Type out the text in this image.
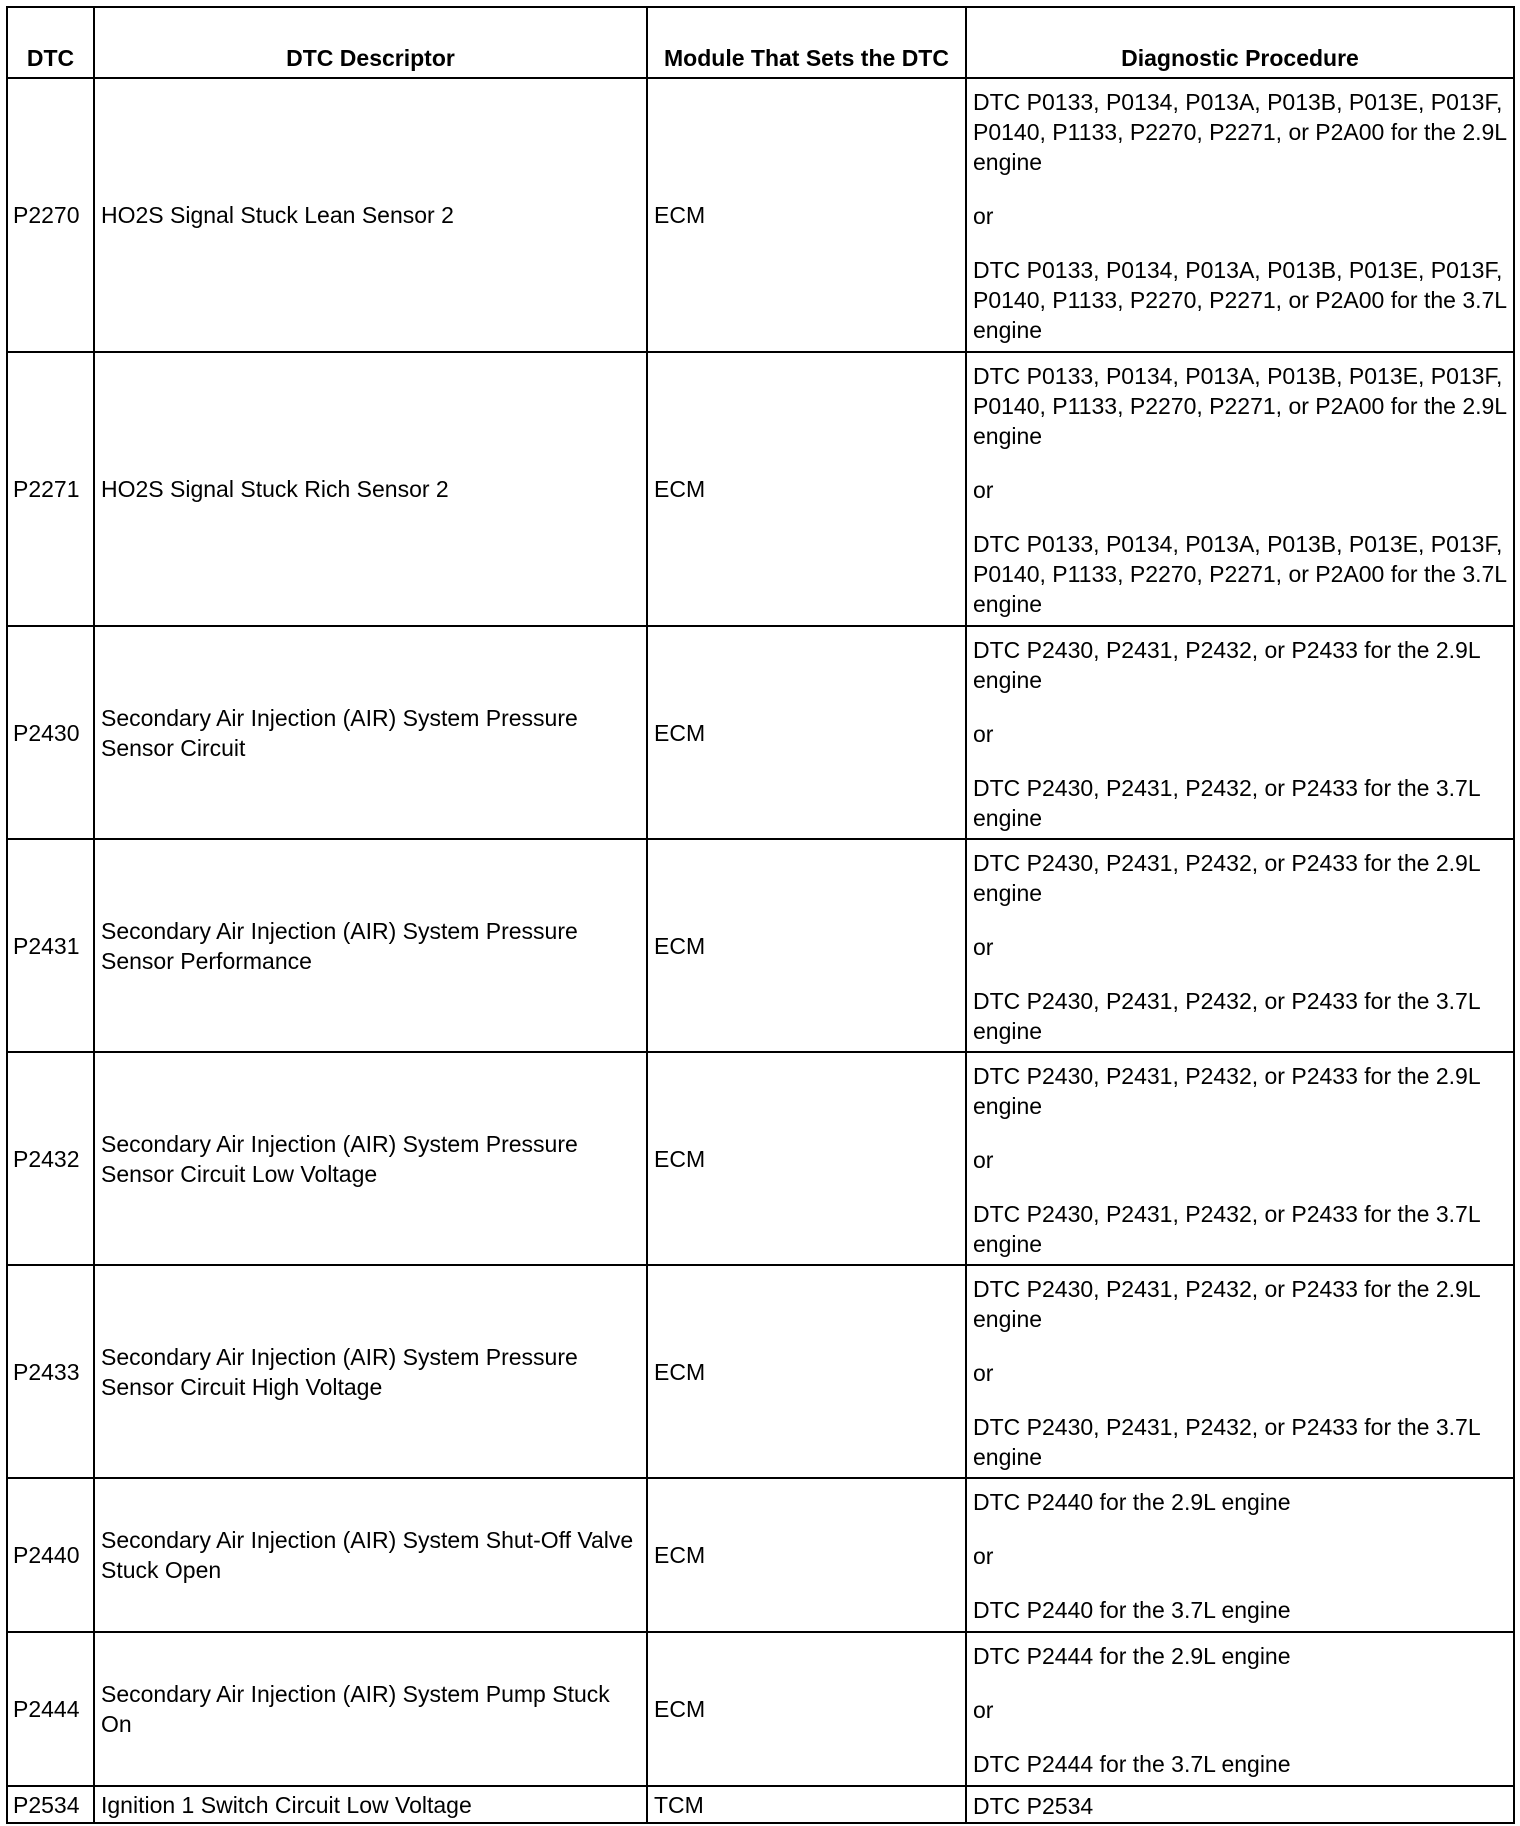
DTC	DTC Descriptor	Module That Sets the DTC	Diagnostic Procedure
P2270	HO2S Signal Stuck Lean Sensor 2	ECM	DTC P0133, P0134, P013A, P013B, P013E, P013F, P0140, P1133, P2270, P2271, or P2A00 for the 2.9L engine

or

DTC P0133, P0134, P013A, P013B, P013E, P013F, P0140, P1133, P2270, P2271, or P2A00 for the 3.7L engine

P2271	HO2S Signal Stuck Rich Sensor 2	ECM	DTC P0133, P0134, P013A, P013B, P013E, P013F, P0140, P1133, P2270, P2271, or P2A00 for the 2.9L engine

or

DTC P0133, P0134, P013A, P013B, P013E, P013F, P0140, P1133, P2270, P2271, or P2A00 for the 3.7L engine

P2430	Secondary Air Injection (AIR) System Pressure Sensor Circuit	ECM	DTC P2430, P2431, P2432, or P2433 for the 2.9L engine

or

DTC P2430, P2431, P2432, or P2433 for the 3.7L engine

P2431	Secondary Air Injection (AIR) System Pressure Sensor Performance	ECM	DTC P2430, P2431, P2432, or P2433 for the 2.9L engine

or

DTC P2430, P2431, P2432, or P2433 for the 3.7L engine

P2432	Secondary Air Injection (AIR) System Pressure Sensor Circuit Low Voltage	ECM	DTC P2430, P2431, P2432, or P2433 for the 2.9L engine

or

DTC P2430, P2431, P2432, or P2433 for the 3.7L engine

P2433	Secondary Air Injection (AIR) System Pressure Sensor Circuit High Voltage	ECM	DTC P2430, P2431, P2432, or P2433 for the 2.9L engine

or

DTC P2430, P2431, P2432, or P2433 for the 3.7L engine

P2440	Secondary Air Injection (AIR) System Shut-Off Valve Stuck Open	ECM	DTC P2440 for the 2.9L engine

or

DTC P2440 for the 3.7L engine

P2444	Secondary Air Injection (AIR) System Pump Stuck On	ECM	DTC P2444 for the 2.9L engine

or

DTC P2444 for the 3.7L engine

P2534	Ignition 1 Switch Circuit Low Voltage	TCM	DTC P2534
